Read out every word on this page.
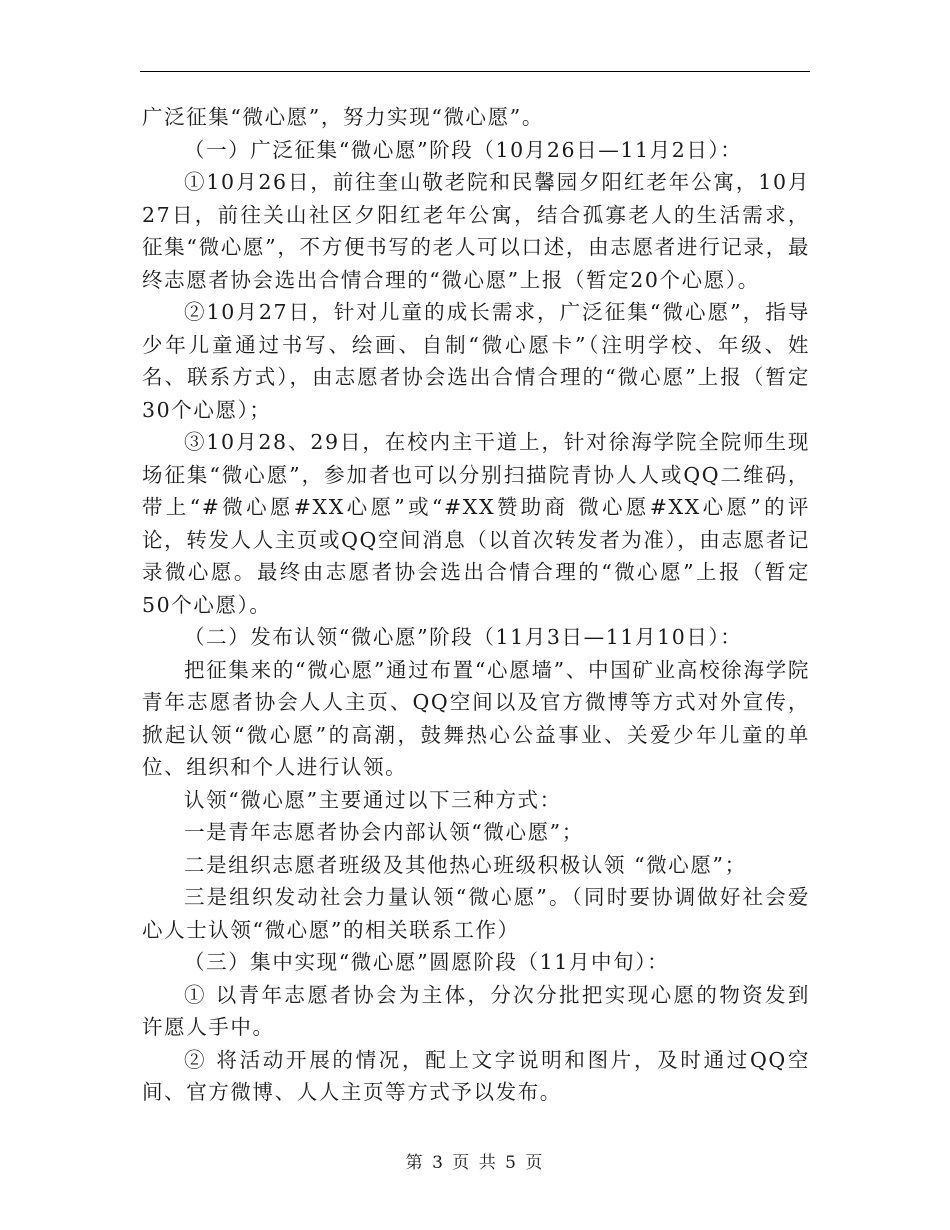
广泛征集“微心愿”，努力实现“微心愿”。

（一）广泛征集“微心愿”阶段（10月26日—11月2日）：

①10月26日，前往奎山敬老院和民馨园夕阳红老年公寓，10月27日，前往关山社区夕阳红老年公寓，结合孤寡老人的生活需求，征集“微心愿”，不方便书写的老人可以口述，由志愿者进行记录，最终志愿者协会选出合情合理的“微心愿”上报（暂定20个心愿）。

②10月27日，针对儿童的成长需求，广泛征集“微心愿”，指导少年儿童通过书写、绘画、自制“微心愿卡”（注明学校、年级、姓名、联系方式），由志愿者协会选出合情合理的“微心愿”上报（暂定30个心愿）；

③10月28、29日，在校内主干道上，针对徐海学院全院师生现场征集“微心愿”，参加者也可以分别扫描院青协人人或QQ二维码，带上“#微心愿#XX心愿”或“#XX赞助商 微心愿#XX心愿”的评论，转发人人主页或QQ空间消息（以首次转发者为准），由志愿者记录微心愿。最终由志愿者协会选出合情合理的“微心愿”上报（暂定50个心愿）。

（二）发布认领“微心愿”阶段（11月3日—11月10日）：

把征集来的“微心愿”通过布置“心愿墙”、中国矿业高校徐海学院青年志愿者协会人人主页、QQ空间以及官方微博等方式对外宣传，掀起认领“微心愿”的高潮，鼓舞热心公益事业、关爱少年儿童的单位、组织和个人进行认领。

认领“微心愿”主要通过以下三种方式：

一是青年志愿者协会内部认领“微心愿”；

二是组织志愿者班级及其他热心班级积极认领 “微心愿”；

三是组织发动社会力量认领“微心愿”。（同时要协调做好社会爱心人士认领“微心愿”的相关联系工作）

（三）集中实现“微心愿”圆愿阶段（11月中旬）：

① 以青年志愿者协会为主体，分次分批把实现心愿的物资发到许愿人手中。

② 将活动开展的情况，配上文字说明和图片，及时通过QQ空间、官方微博、人人主页等方式予以发布。

第 3 页 共 5 页
